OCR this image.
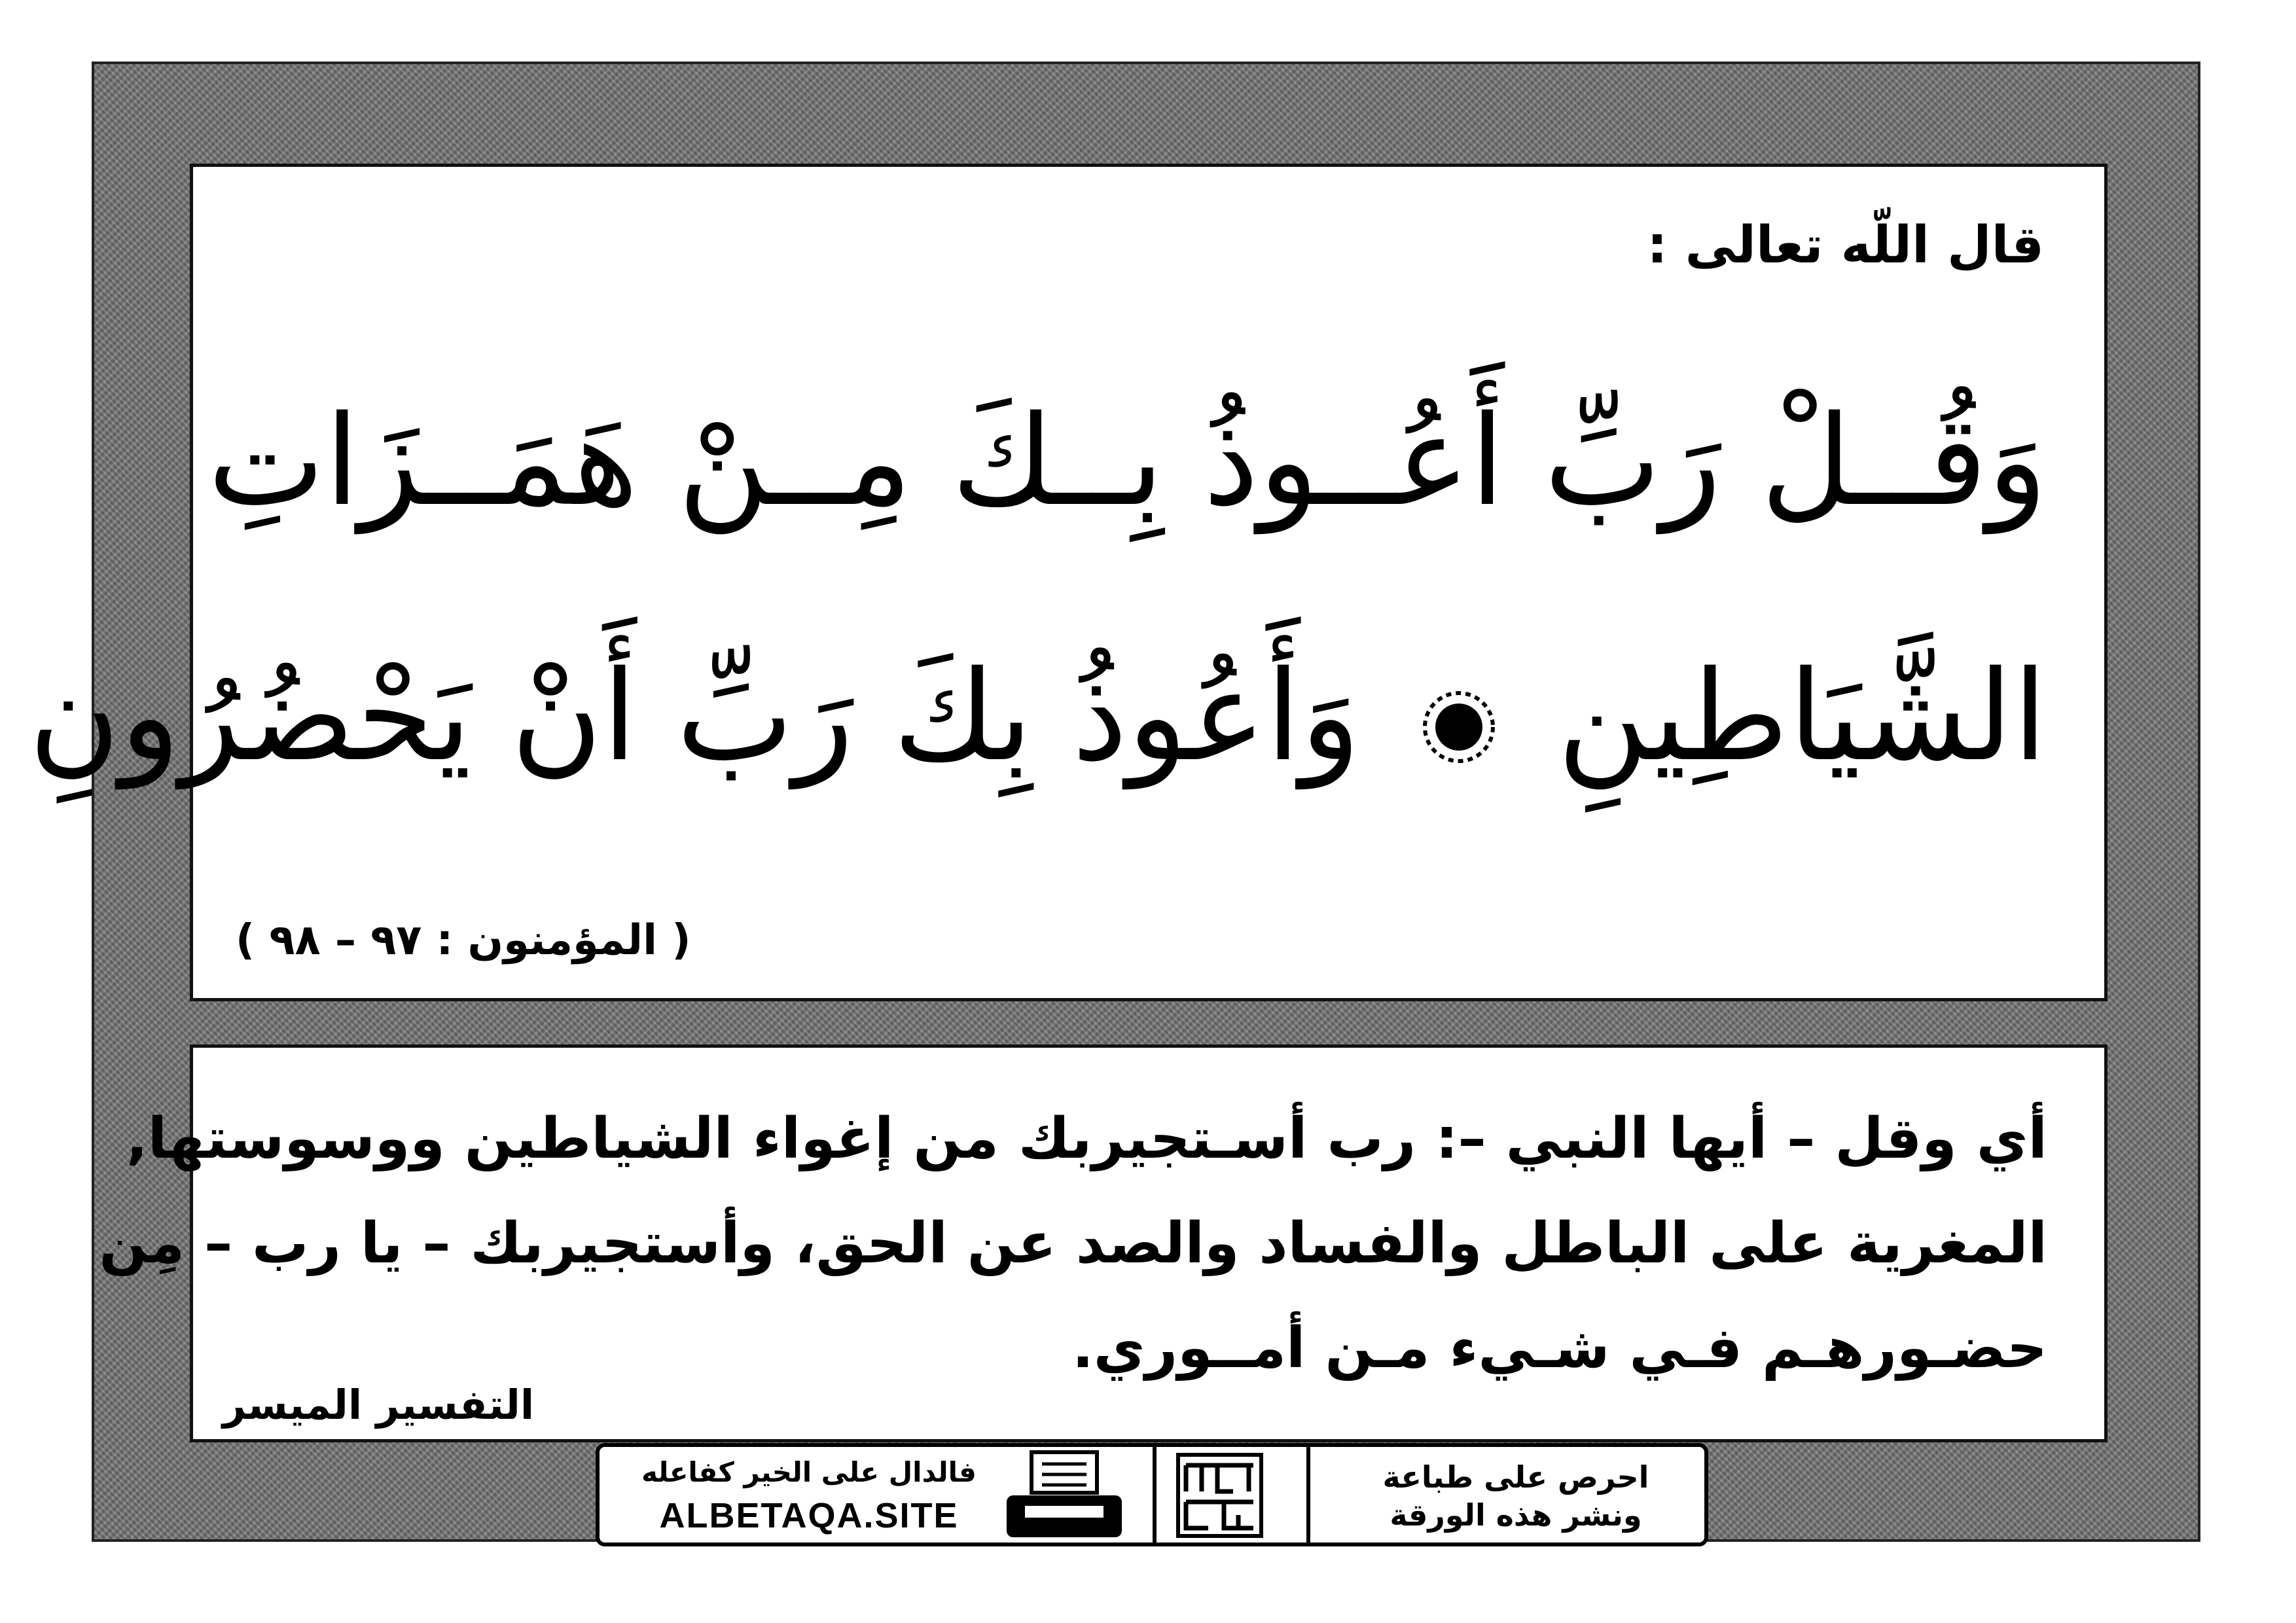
قال اللّه تعالى :
وَقُــلْ رَبِّ أَعُــوذُ بِــكَ مِــنْ هَمَــزَاتِ
الشَّيَاطِينِ  وَأَعُوذُ بِكَ رَبِّ أَنْ يَحْضُرُونِ
( المؤمنون : ٩٧ – ٩٨ )
أي وقل – أيها النبي –: رب أسـتجيربك من إغواء الشياطين ووسوستها,
المغرية على الباطل والفساد والصد عن الحق، وأستجيربك – يا رب – مِن
حضـورهـم فـي شـيء مـن أمــوري.
التفسير الميسر
فالدال على الخير كفاعله
ALBETAQA.SITE
احرص على طباعة
ونشر هذه الورقة
